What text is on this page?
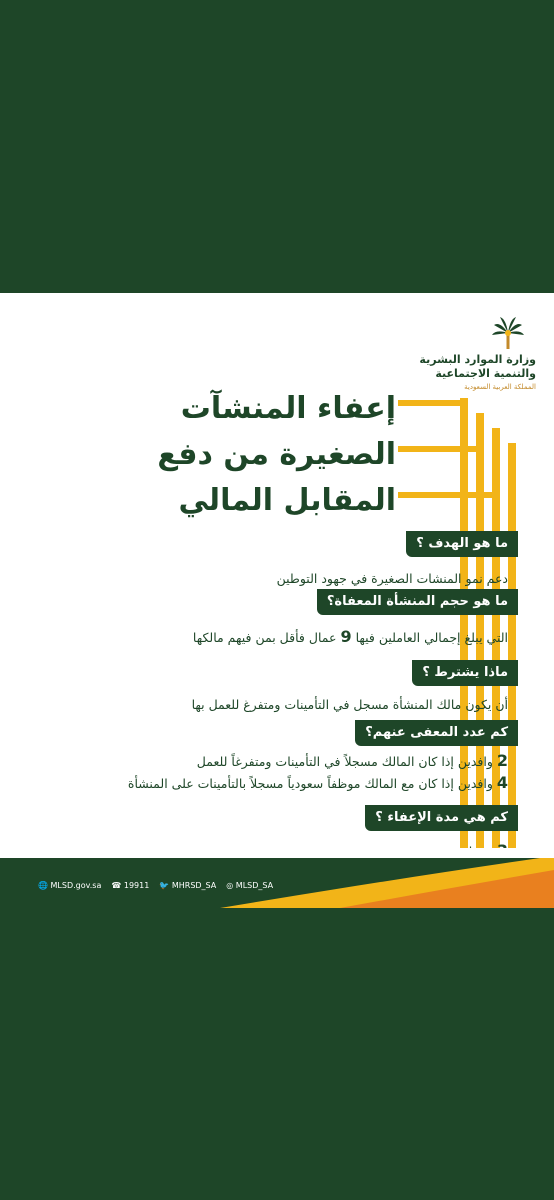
وزارة الموارد البشرية
والتنمية الاجتماعية
المملكة العربية السعودية
إعفاء المنشآت
الصغيرة من دفع
المقابل المالي
ما هو الهدف ؟
دعم نمو المنشات الصغيرة في جهود التوطين
ما هو حجم المنشأة المعفاة؟
التي يبلغ إجمالي العاملين فيها 9 عمال فأقل بمن فيهم مالكها
ماذا يشترط ؟
أن يكون مالك المنشأة مسجل في التأمينات ومتفرغ للعمل بها
كم عدد المعفى عنهم؟
2 وافدين إذا كان المالك مسجلاً في التأمينات ومتفرغاً للعمل
4 وافدين إذا كان مع المالك موظفاً سعودياً مسجلاً بالتأمينات على المنشأة
كم هي مدة الإعفاء ؟
🌐 MLSD.gov.sa ☎ 19911 🐦 MHRSD_SA ◎ MLSD_SA
